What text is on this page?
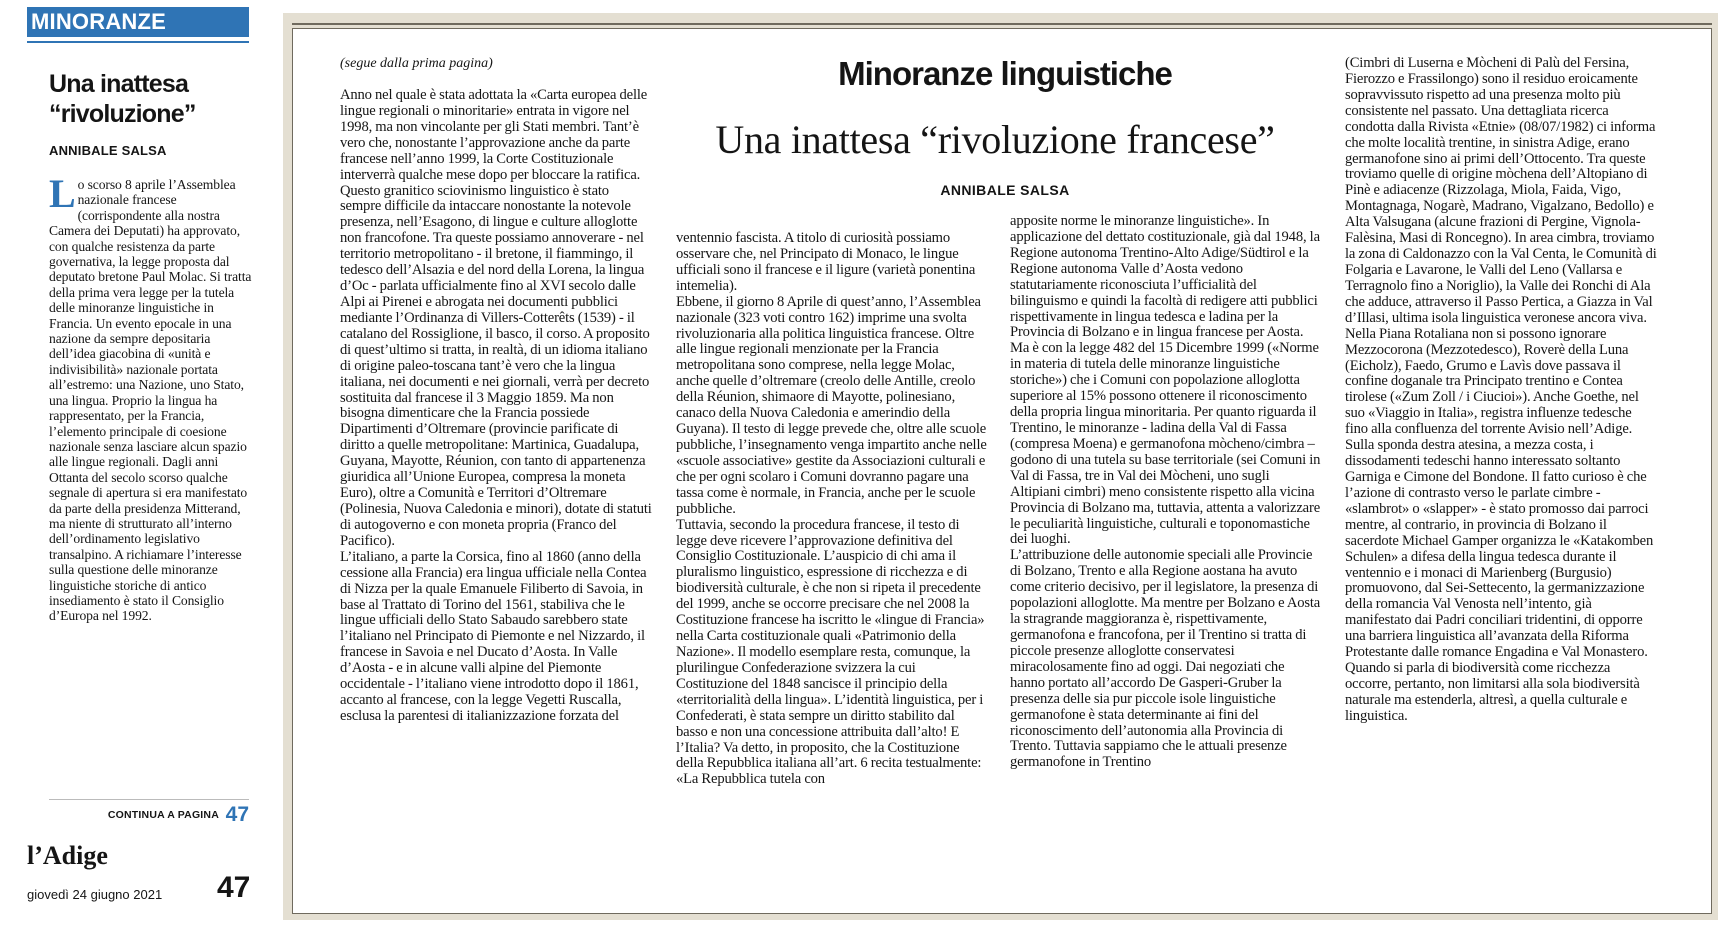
MINORANZE
Una inattesa “rivoluzione”
ANNIBALE SALSA

Lo scorso 8 aprile l’Assemblea nazionale francese (corrispondente alla nostra Camera dei Deputati) ha approvato, con qualche resistenza da parte governativa, la legge proposta dal deputato bretone Paul Molac. Si tratta della prima vera legge per la tutela delle minoranze linguistiche in Francia. Un evento epocale in una nazione da sempre depositaria dell’idea giacobina di «unità e indivisibilità» nazionale portata all’estremo: una Nazione, uno Stato, una lingua. Proprio la lingua ha rappresentato, per la Francia, l’elemento principale di coesione nazionale senza lasciare alcun spazio alle lingue regionali. Dagli anni Ottanta del secolo scorso qualche segnale di apertura si era manifestato da parte della presidenza Mitterand, ma niente di strutturato all’interno dell’ordinamento legislativo transalpino. A richiamare l’interesse sulla questione delle minoranze linguistiche storiche di antico insediamento è stato il Consiglio d’Europa nel 1992.

CONTINUA A PAGINA 47
l’Adige
giovedì 24 giugno 2021 47
(segue dalla prima pagina)	Minoranze linguistiche
Una inattesa “rivoluzione francese”
ANNIBALE SALSA

Anno nel quale è stata adottata la «Carta europea delle lingue regionali o minoritarie» entrata in vigore nel 1998, ma non vincolante per gli Stati membri. Tant’è vero che, nonostante l’approvazione anche da parte francese nell’anno 1999, la Corte Costituzionale interverrà qualche mese dopo per bloccare la ratifica. Questo granitico sciovinismo linguistico è stato sempre difficile da intaccare nonostante la notevole presenza, nell’Esagono, di lingue e culture alloglotte non francofone. Tra queste possiamo annoverare - nel territorio metropolitano - il bretone, il fiammingo, il tedesco dell’Alsazia e del nord della Lorena, la lingua d’Oc - parlata ufficialmente fino al XVI secolo dalle Alpi ai Pirenei e abrogata nei documenti pubblici mediante l’Ordinanza di Villers-Cotterêts (1539) - il catalano del Rossiglione, il basco, il corso. A proposito di quest’ultimo si tratta, in realtà, di un idioma italiano di origine paleo-toscana tant’è vero che la lingua italiana, nei documenti e nei giornali, verrà per decreto sostituita dal francese il 3 Maggio 1859. Ma non bisogna dimenticare che la Francia possiede Dipartimenti d’Oltremare (provincie parificate di diritto a quelle metropolitane: Martinica, Guadalupa, Guyana, Mayotte, Réunion, con tanto di appartenenza giuridica all’Unione Europea, compresa la moneta Euro), oltre a Comunità e Territori d’Oltremare (Polinesia, Nuova Caledonia e minori), dotate di statuti di autogoverno e con moneta propria (Franco del Pacifico).

L’italiano, a parte la Corsica, fino al 1860 (anno della cessione alla Francia) era lingua ufficiale nella Contea di Nizza per la quale Emanuele Filiberto di Savoia, in base al Trattato di Torino del 1561, stabiliva che le lingue ufficiali dello Stato Sabaudo sarebbero state l’italiano nel Principato di Piemonte e nel Nizzardo, il francese in Savoia e nel Ducato d’Aosta. In Valle d’Aosta - e in alcune valli alpine del Piemonte occidentale - l’italiano viene introdotto dopo il 1861, accanto al francese, con la legge Vegetti Ruscalla, esclusa la parentesi di italianizzazione forzata del

ventennio fascista. A titolo di curiosità possiamo osservare che, nel Principato di Monaco, le lingue ufficiali sono il francese e il ligure (varietà ponentina intemelia).

Ebbene, il giorno 8 Aprile di quest’anno, l’Assemblea nazionale (323 voti contro 162) imprime una svolta rivoluzionaria alla politica linguistica francese. Oltre alle lingue regionali menzionate per la Francia metropolitana sono comprese, nella legge Molac, anche quelle d’oltremare (creolo delle Antille, creolo della Réunion, shimaore di Mayotte, polinesiano, canaco della Nuova Caledonia e amerindio della Guyana). Il testo di legge prevede che, oltre alle scuole pubbliche, l’insegnamento venga impartito anche nelle «scuole associative» gestite da Associazioni culturali e che per ogni scolaro i Comuni dovranno pagare una tassa come è normale, in Francia, anche per le scuole pubbliche.

Tuttavia, secondo la procedura francese, il testo di legge deve ricevere l’approvazione definitiva del Consiglio Costituzionale. L’auspicio di chi ama il pluralismo linguistico, espressione di ricchezza e di biodiversità culturale, è che non si ripeta il precedente del 1999, anche se occorre precisare che nel 2008 la Costituzione francese ha iscritto le «lingue di Francia» nella Carta costituzionale quali «Patrimonio della Nazione». Il modello esemplare resta, comunque, la plurilingue Confederazione svizzera la cui Costituzione del 1848 sancisce il principio della «territorialità della lingua». L’identità linguistica, per i Confederati, è stata sempre un diritto stabilito dal basso e non una concessione attribuita dall’alto! E l’Italia? Va detto, in proposito, che la Costituzione della Repubblica italiana all’art. 6 recita testualmente: «La Repubblica tutela con

apposite norme le minoranze linguistiche». In applicazione del dettato costituzionale, già dal 1948, la Regione autonoma Trentino-Alto Adige/Südtirol e la Regione autonoma Valle d’Aosta vedono statutariamente riconosciuta l’ufficialità del bilinguismo e quindi la facoltà di redigere atti pubblici rispettivamente in lingua tedesca e ladina per la Provincia di Bolzano e in lingua francese per Aosta. Ma è con la legge 482 del 15 Dicembre 1999 («Norme in materia di tutela delle minoranze linguistiche storiche») che i Comuni con popolazione alloglotta superiore al 15% possono ottenere il riconoscimento della propria lingua minoritaria. Per quanto riguarda il Trentino, le minoranze - ladina della Val di Fassa (compresa Moena) e germanofona mòcheno/cimbra – godono di una tutela su base territoriale (sei Comuni in Val di Fassa, tre in Val dei Mòcheni, uno sugli Altipiani cimbri) meno consistente rispetto alla vicina Provincia di Bolzano ma, tuttavia, attenta a valorizzare le peculiarità linguistiche, culturali e toponomastiche dei luoghi.

L’attribuzione delle autonomie speciali alle Provincie di Bolzano, Trento e alla Regione aostana ha avuto come criterio decisivo, per il legislatore, la presenza di popolazioni alloglotte. Ma mentre per Bolzano e Aosta la stragrande maggioranza è, rispettivamente, germanofona e francofona, per il Trentino si tratta di piccole presenze alloglotte conservatesi miracolosamente fino ad oggi. Dai negoziati che hanno portato all’accordo De Gasperi-Gruber la presenza delle sia pur piccole isole linguistiche germanofone è stata determinante ai fini del riconoscimento dell’autonomia alla Provincia di Trento. Tuttavia sappiamo che le attuali presenze germanofone in Trentino

(Cimbri di Luserna e Mòcheni di Palù del Fersina, Fierozzo e Frassilongo) sono il residuo eroicamente sopravvissuto rispetto ad una presenza molto più consistente nel passato. Una dettagliata ricerca condotta dalla Rivista «Etnie» (08/07/1982) ci informa che molte località trentine, in sinistra Adige, erano germanofone sino ai primi dell’Ottocento. Tra queste troviamo quelle di origine mòchena dell’Altopiano di Pinè e adiacenze (Rizzolaga, Miola, Faida, Vigo, Montagnaga, Nogarè, Madrano, Vigalzano, Bedollo) e Alta Valsugana (alcune frazioni di Pergine, Vignola-Falèsina, Masi di Roncegno). In area cimbra, troviamo la zona di Caldonazzo con la Val Centa, le Comunità di Folgaria e Lavarone, le Valli del Leno (Vallarsa e Terragnolo fino a Noriglio), la Valle dei Ronchi di Ala che adduce, attraverso il Passo Pertica, a Giazza in Val d’Illasi, ultima isola linguistica veronese ancora viva. Nella Piana Rotaliana non si possono ignorare Mezzocorona (Mezzotedesco), Roverè della Luna (Eicholz), Faedo, Grumo e Lavìs dove passava il confine doganale tra Principato trentino e Contea tirolese («Zum Zoll / i Ciucioi»). Anche Goethe, nel suo «Viaggio in Italia», registra influenze tedesche fino alla confluenza del torrente Avisio nell’Adige. Sulla sponda destra atesina, a mezza costa, i dissodamenti tedeschi hanno interessato soltanto Garniga e Cimone del Bondone. Il fatto curioso è che l’azione di contrasto verso le parlate cimbre - «slambrot» o «slapper» - è stato promosso dai parroci mentre, al contrario, in provincia di Bolzano il sacerdote Michael Gamper organizza le «Katakomben Schulen» a difesa della lingua tedesca durante il ventennio e i monaci di Marienberg (Burgusio) promuovono, dal Sei-Settecento, la germanizzazione della romancia Val Venosta nell’intento, già manifestato dai Padri conciliari tridentini, di opporre una barriera linguistica all’avanzata della Riforma Protestante dalle romance Engadina e Val Monastero.

Quando si parla di biodiversità come ricchezza occorre, pertanto, non limitarsi alla sola biodiversità naturale ma estenderla, altresì, a quella culturale e linguistica.
